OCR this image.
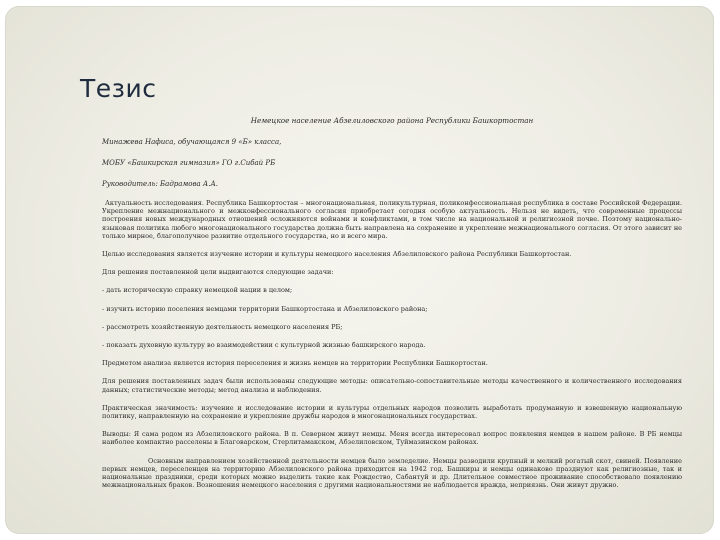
Тезис
Немецкое население Абзелиловского района Республики Башкортостан
Минажева Нафиса, обучающаяся 9 «Б» класса,
МОБУ «Башкирская гимназия» ГО г.Сибай РБ
Руководитель: Бадрамова А.А.
Актуальность исследования. Республика Башкортостан – многонациональная, поликультурная, поликонфессиональная республика в составе Российской Федерации. Укрепление межнационального и межконфессионального согласия приобретает сегодня особую актуальность. Нельзя не видеть, что современные процессы построения новых международных отношений осложняются войнами и конфликтами, в том числе на национальной и религиозной почве. Поэтому национально-языковая политика любого многонационального государства должна быть направлена на сохранение и укрепление межнационального согласия. От этого зависит не только мирное, благополучное развитие отдельного государства, но и всего мира.
Целью исследования является изучение истории и культуры немецкого населения Абзелиловского района Республики Башкортостан.
Для решения поставленной цели выдвигаются следующие задачи:
- дать историческую справку немецкой нации в целом;
- изучить историю поселения немцами территории Башкортостана и Абзелиловского района;
- рассмотреть хозяйственную деятельность немецкого населения РБ;
- показать духовную культуру во взаимодействии с культурной жизнью башкирского народа.
Предметом анализа является история переселения и жизнь немцев на территории Республики Башкортостан.
Для решения поставленных задач были использованы следующие методы: описательно-сопоставительные методы качественного и количественного исследования данных; статистические методы; метод анализа и наблюдения.
Практическая значимость: изучение и исследование истории и культуры отдельных народов позволить выработать продуманную и взвешенную национальную политику, направленную на сохранение и укрепление дружбы народов в многонациональных государствах.
Выводы: Я сама родом из Абзелиловского района. В п. Северном живут немцы. Меня всегда интересовал вопрос появления немцев в нашем районе. В РБ немцы наиболее компактно расселены в Благоварском, Стерлитамакском, Абзелиловском, Туймазинском районах.
Основным направлением хозяйственной деятельности немцев было земледелие. Немцы разводили крупный и мелкий рогатый скот, свиней. Появление первых немцев, переселенцев на территорию Абзелиловского района приходится на 1942 год. Башкиры и немцы одинаково празднуют как религиозные, так и национальные праздники, среди которых можно выделить такие как Рождество, Сабантуй и др. Длительное совместное проживание способствовало появлению межнациональных браков. Возношения немецкого населения с другими национальностями не наблюдается вражда, неприязнь. Они живут дружно.
